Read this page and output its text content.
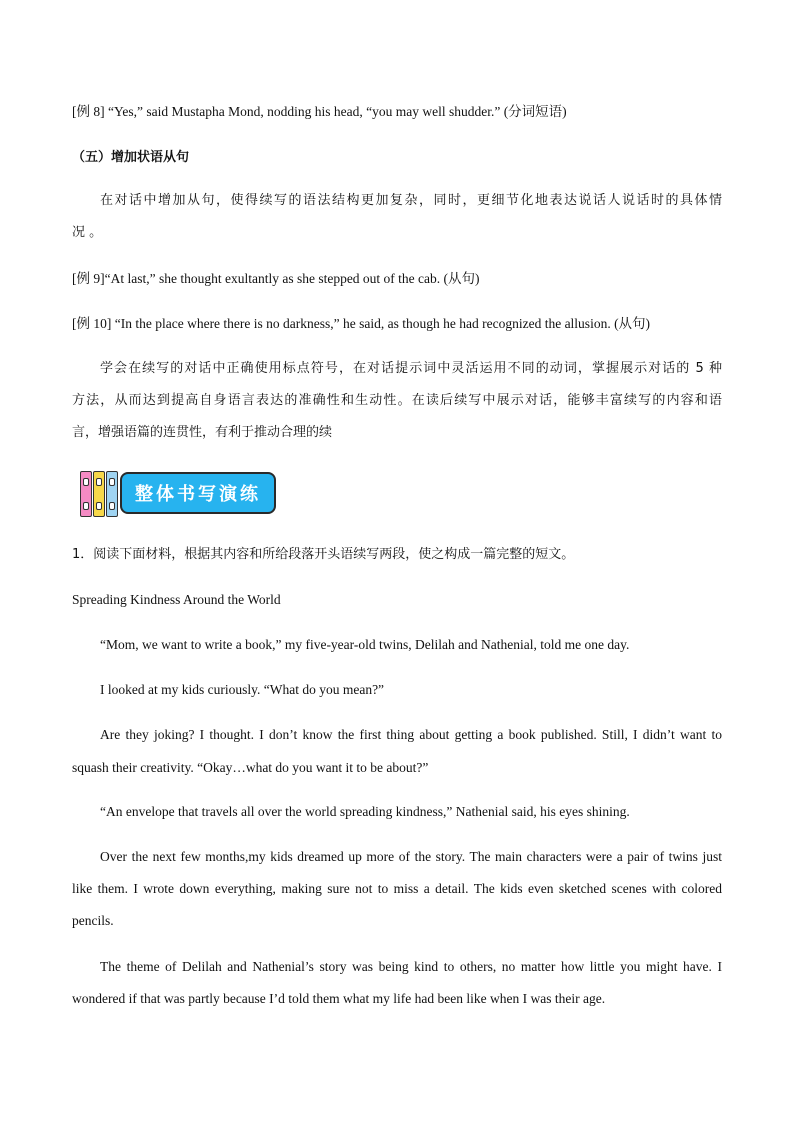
[例 8] “Yes,” said Mustapha Mond, nodding his head, “you may well shudder.” (分词短语)
（五）增加状语从句
在对话中增加从句，使得续写的语法结构更加复杂，同时，更细节化地表达说话人说话时的具体情
况 。
[例 9]“At last,” she thought exultantly as she stepped out of the cab. (从句)
[例 10] “In the place where there is no darkness,” he said, as though he had recognized the allusion. (从句)
学会在续写的对话中正确使用标点符号，在对话提示词中灵活运用不同的动词，掌握展示对话的 5 种
方法，从而达到提高自身语言表达的准确性和生动性。在读后续写中展示对话，能够丰富续写的内容和语
言，增强语篇的连贯性，有利于推动合理的续
整体书写演练
1．阅读下面材料，根据其内容和所给段落开头语续写两段，使之构成一篇完整的短文。
Spreading Kindness Around the World
“Mom, we want to write a book,” my five-year-old twins, Delilah and Nathenial, told me one day.
I looked at my kids curiously. “What do you mean?”
Are they joking? I thought. I don’t know the first thing about getting a book published. Still, I didn’t want to
squash their creativity. “Okay…what do you want it to be about?”
“An envelope that travels all over the world spreading kindness,” Nathenial said, his eyes shining.
Over the next few months,my kids dreamed up more of the story. The main characters were a pair of twins just
like them. I wrote down everything, making sure not to miss a detail. The kids even sketched scenes with colored
pencils.
The theme of Delilah and Nathenial’s story was being kind to others, no matter how little you might have. I
wondered if that was partly because I’d told them what my life had been like when I was their age.
